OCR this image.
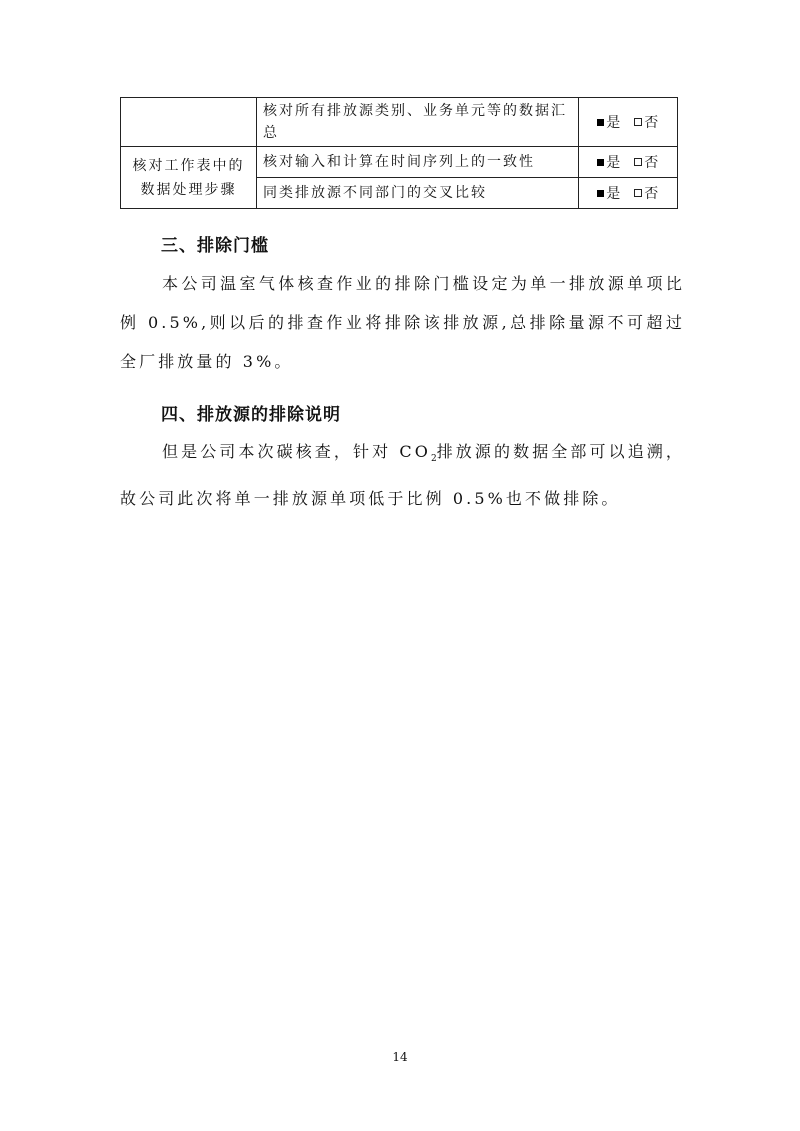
	核对所有排放源类别、业务单元等的数据汇总	是 否
核对工作表中的数据处理步骤	核对输入和计算在时间序列上的一致性	是 否
	同类排放源不同部门的交叉比较	是 否
三、排除门槛
本公司温室气体核查作业的排除门槛设定为单一排放源单项比例 0.5%,则以后的排查作业将排除该排放源,总排除量源不可超过全厂排放量的 3%。
四、排放源的排除说明
但是公司本次碳核查，针对 $CO_2$排放源的数据全部可以追溯，故公司此次将单一排放源单项低于比例 0.5%也不做排除。
14
